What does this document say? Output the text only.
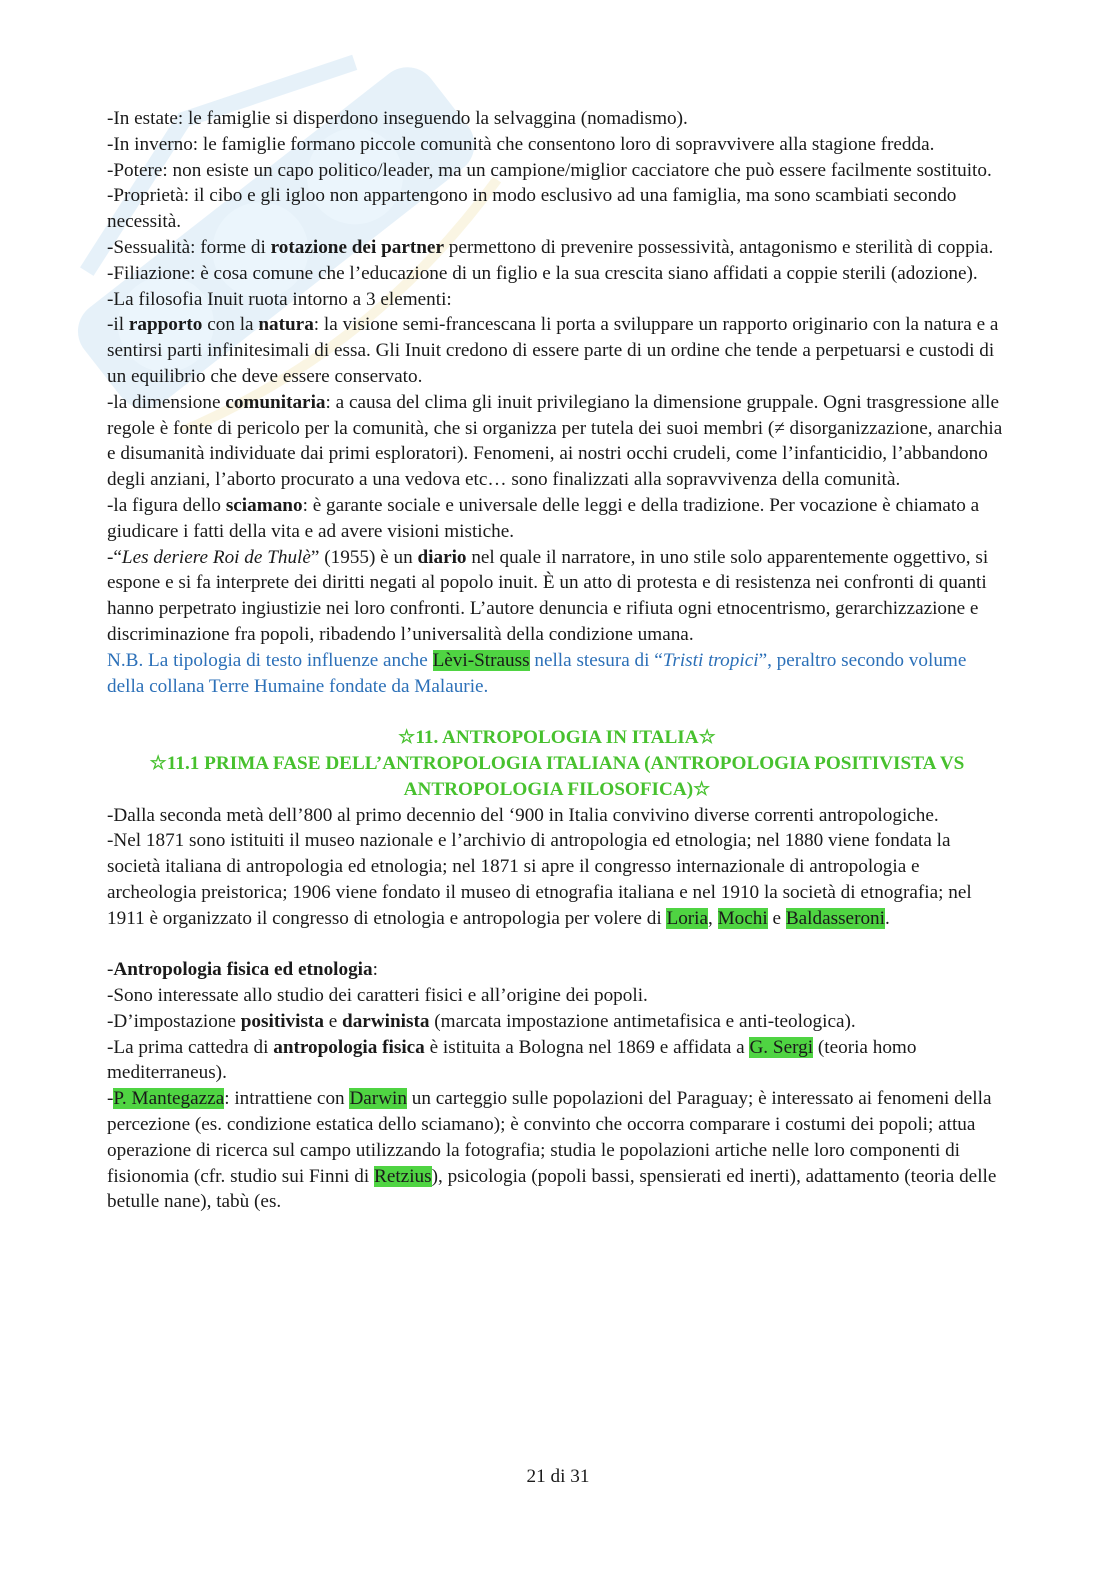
-In estate: le famiglie si disperdono inseguendo la selvaggina (nomadismo).

-In inverno: le famiglie formano piccole comunità che consentono loro di sopravvivere alla stagione fredda.

-Potere: non esiste un capo politico/leader, ma un campione/miglior cacciatore che può essere facilmente sostituito.

-Proprietà: il cibo e gli igloo non appartengono in modo esclusivo ad una famiglia, ma sono scambiati secondo necessità.

-Sessualità: forme di rotazione dei partner permettono di prevenire possessività, antagonismo e sterilità di coppia.

-Filiazione: è cosa comune che l’educazione di un figlio e la sua crescita siano affidati a coppie sterili (adozione).

-La filosofia Inuit ruota intorno a 3 elementi:

-il rapporto con la natura: la visione semi-francescana li porta a sviluppare un rapporto originario con la natura e a sentirsi parti infinitesimali di essa. Gli Inuit credono di essere parte di un ordine che tende a perpetuarsi e custodi di un equilibrio che deve essere conservato.

-la dimensione comunitaria: a causa del clima gli inuit privilegiano la dimensione gruppale. Ogni trasgressione alle regole è fonte di pericolo per la comunità, che si organizza per tutela dei suoi membri (≠ disorganizzazione, anarchia e disumanità individuate dai primi esploratori). Fenomeni, ai nostri occhi crudeli, come l’infanticidio, l’abbandono degli anziani, l’aborto procurato a una vedova etc… sono finalizzati alla sopravvivenza della comunità.

-la figura dello sciamano: è garante sociale e universale delle leggi e della tradizione. Per vocazione è chiamato a giudicare i fatti della vita e ad avere visioni mistiche.

-“Les deriere Roi de Thulè” (1955) è un diario nel quale il narratore, in uno stile solo apparentemente oggettivo, si espone e si fa interprete dei diritti negati al popolo inuit. È un atto di protesta e di resistenza nei confronti di quanti hanno perpetrato ingiustizie nei loro confronti. L’autore denuncia e rifiuta ogni etnocentrismo, gerarchizzazione e discriminazione fra popoli, ribadendo l’universalità della condizione umana.

N.B. La tipologia di testo influenze anche Lèvi-Strauss nella stesura di “Tristi tropici”, peraltro secondo volume della collana Terre Humaine fondate da Malaurie.

☆11. ANTROPOLOGIA IN ITALIA☆

☆11.1 PRIMA FASE DELL’ANTROPOLOGIA ITALIANA (ANTROPOLOGIA POSITIVISTA VS ANTROPOLOGIA FILOSOFICA)☆

-Dalla seconda metà dell’800 al primo decennio del ‘900 in Italia convivino diverse correnti antropologiche.

-Nel 1871 sono istituiti il museo nazionale e l’archivio di antropologia ed etnologia; nel 1880 viene fondata la società italiana di antropologia ed etnologia; nel 1871 si apre il congresso internazionale di antropologia e archeologia preistorica; 1906 viene fondato il museo di etnografia italiana e nel 1910 la società di etnografia; nel 1911 è organizzato il congresso di etnologia e antropologia per volere di Loria, Mochi e Baldasseroni.

-Antropologia fisica ed etnologia:

-Sono interessate allo studio dei caratteri fisici e all’origine dei popoli.

-D’impostazione positivista e darwinista (marcata impostazione antimetafisica e anti-teologica).

-La prima cattedra di antropologia fisica è istituita a Bologna nel 1869 e affidata a G. Sergi (teoria homo mediterraneus).

-P. Mantegazza: intrattiene con Darwin un carteggio sulle popolazioni del Paraguay; è interessato ai fenomeni della percezione (es. condizione estatica dello sciamano); è convinto che occorra comparare i costumi dei popoli; attua operazione di ricerca sul campo utilizzando la fotografia; studia le popolazioni artiche nelle loro componenti di fisionomia (cfr. studio sui Finni di Retzius), psicologia (popoli bassi, spensierati ed inerti), adattamento (teoria delle betulle nane), tabù (es.

21 di 31
